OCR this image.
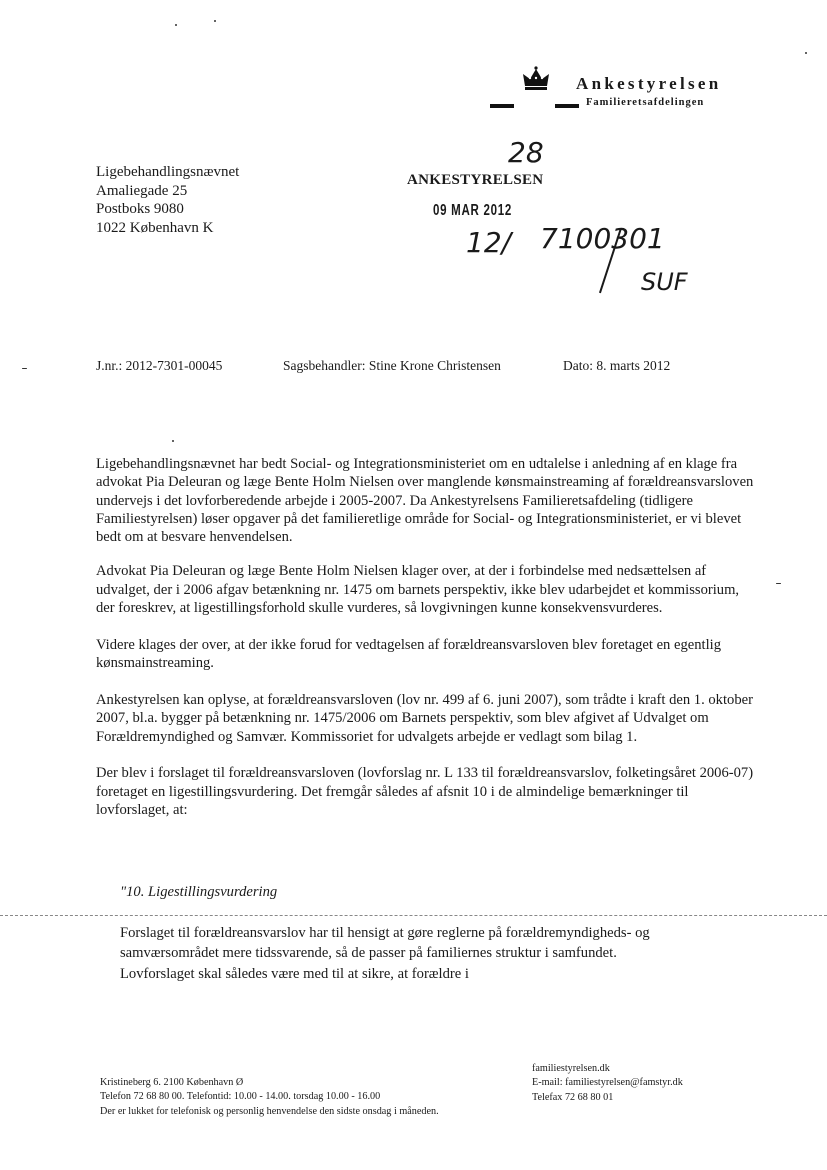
Ankestyrelsen
Familieretsafdelingen
Ligebehandlingsnævnet
Amaliegade 25
Postboks 9080
1022 København K
28
ANKESTYRELSEN
09 MAR 2012
12/ 7100301
SUF
J.nr.: 2012-7301-00045	Sagsbehandler: Stine Krone Christensen	Dato: 8. marts 2012

Ligebehandlingsnævnet har bedt Social- og Integrationsministeriet om en udtalelse i anledning af en klage fra advokat Pia Deleuran og læge Bente Holm Nielsen over manglende kønsmainstreaming af forældreansvarsloven undervejs i det lovforberedende arbejde i 2005-2007. Da Ankestyrelsens Familieretsafdeling (tidligere Familiestyrelsen) løser opgaver på det familieretlige område for Social- og Integrationsministeriet, er vi blevet bedt om at besvare henvendelsen.

Advokat Pia Deleuran og læge Bente Holm Nielsen klager over, at der i forbindelse med nedsættelsen af udvalget, der i 2006 afgav betænkning nr. 1475 om barnets perspektiv, ikke blev udarbejdet et kommissorium, der foreskrev, at ligestillingsforhold skulle vurderes, så lovgivningen kunne konsekvensvurderes.

Videre klages der over, at der ikke forud for vedtagelsen af forældreansvarsloven blev foretaget en egentlig kønsmainstreaming.

Ankestyrelsen kan oplyse, at forældreansvarsloven (lov nr. 499 af 6. juni 2007), som trådte i kraft den 1. oktober 2007, bl.a. bygger på betænkning nr. 1475/2006 om Barnets perspektiv, som blev afgivet af Udvalget om Forældremyndighed og Samvær. Kommissoriet for udvalgets arbejde er vedlagt som bilag 1.

Der blev i forslaget til forældreansvarsloven (lovforslag nr. L 133 til forældreansvarslov, folketingsåret 2006-07) foretaget en ligestillingsvurdering. Det fremgår således af afsnit 10 i de almindelige bemærkninger til lovforslaget, at:

"10. Ligestillingsvurdering
Forslaget til forældreansvarslov har til hensigt at gøre reglerne på forældremyndigheds- og samværsområdet mere tidssvarende, så de passer på familiernes struktur i samfundet. Lovforslaget skal således være med til at sikre, at forældre i
Kristineberg 6. 2100 København Ø
Telefon 72 68 80 00. Telefontid: 10.00 - 14.00. torsdag 10.00 - 16.00
Der er lukket for telefonisk og personlig henvendelse den sidste onsdag i måneden.
familiestyrelsen.dk
E-mail: familiestyrelsen@famstyr.dk
Telefax 72 68 80 01
